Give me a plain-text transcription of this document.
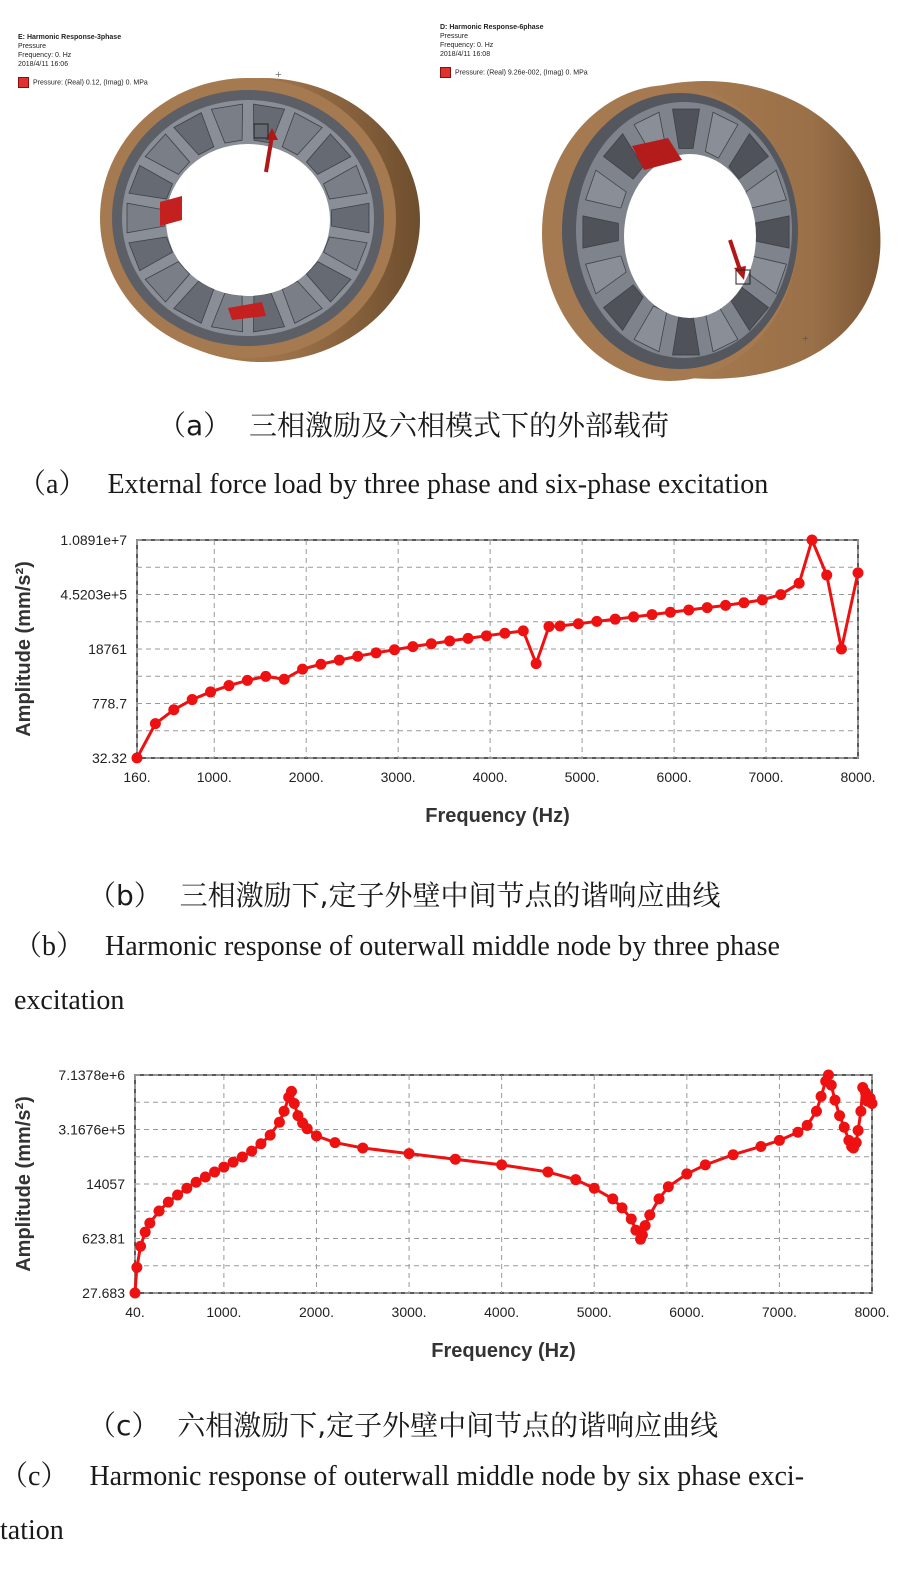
E: Harmonic Response-3phase
Pressure
Frequency: 0. Hz
2018/4/11 16:06
Pressure: (Real) 0.12, (Imag) 0. MPa
D: Harmonic Response-6phase
Pressure
Frequency: 0. Hz
2018/4/11 16:08
Pressure: (Real) 9.26e-002, (Imag) 0. MPa
+
+
（a） 三相激励及六相模式下的外部载荷
（a） External force load by three phase and six-phase excitation
32.32
778.7
18761
4.5203e+5
1.0891e+7
160.	1000.	2000.	3000.	4000.	5000.	6000.	7000.	8000.
Frequency (Hz)
Amplitude (mm/s²)
（b） 三相激励下,定子外壁中间节点的谐响应曲线
（b） Harmonic response of outerwall middle node by three phase
excitation
27.683
623.81
14057
3.1676e+5
7.1378e+6
40.	1000.	2000.	3000.	4000.	5000.	6000.	7000.	8000.
Frequency (Hz)
Amplitude (mm/s²)
（c） 六相激励下,定子外壁中间节点的谐响应曲线
（c） Harmonic response of outerwall middle node by six phase exci-
tation
